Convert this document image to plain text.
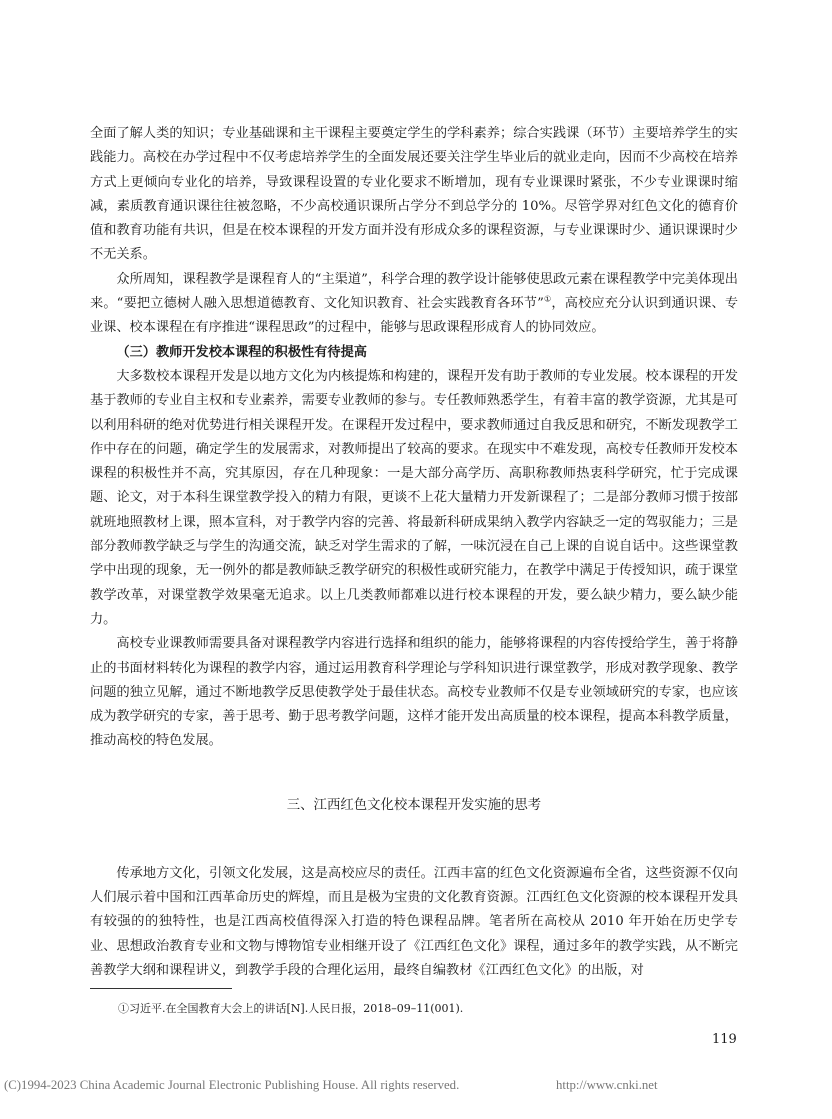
全面了解人类的知识；专业基础课和主干课程主要奠定学生的学科素养；综合实践课（环节）主要培养学生的实践能力。高校在办学过程中不仅考虑培养学生的全面发展还要关注学生毕业后的就业走向，因而不少高校在培养方式上更倾向专业化的培养，导致课程设置的专业化要求不断增加，现有专业课课时紧张，不少专业课课时缩减，素质教育通识课往往被忽略，不少高校通识课所占学分不到总学分的 10%。尽管学界对红色文化的德育价值和教育功能有共识，但是在校本课程的开发方面并没有形成众多的课程资源，与专业课课时少、通识课课时少不无关系。

众所周知，课程教学是课程育人的“主渠道”，科学合理的教学设计能够使思政元素在课程教学中完美体现出来。“要把立德树人融入思想道德教育、文化知识教育、社会实践教育各环节”①，高校应充分认识到通识课、专业课、校本课程在有序推进“课程思政”的过程中，能够与思政课程形成育人的协同效应。

（三）教师开发校本课程的积极性有待提高

大多数校本课程开发是以地方文化为内核提炼和构建的，课程开发有助于教师的专业发展。校本课程的开发基于教师的专业自主权和专业素养，需要专业教师的参与。专任教师熟悉学生，有着丰富的教学资源，尤其是可以利用科研的绝对优势进行相关课程开发。在课程开发过程中，要求教师通过自我反思和研究，不断发现教学工作中存在的问题，确定学生的发展需求，对教师提出了较高的要求。在现实中不难发现，高校专任教师开发校本课程的积极性并不高，究其原因，存在几种现象：一是大部分高学历、高职称教师热衷科学研究，忙于完成课题、论文，对于本科生课堂教学投入的精力有限，更谈不上花大量精力开发新课程了；二是部分教师习惯于按部就班地照教材上课，照本宣科，对于教学内容的完善、将最新科研成果纳入教学内容缺乏一定的驾驭能力；三是部分教师教学缺乏与学生的沟通交流，缺乏对学生需求的了解，一味沉浸在自己上课的自说自话中。这些课堂教学中出现的现象，无一例外的都是教师缺乏教学研究的积极性或研究能力，在教学中满足于传授知识，疏于课堂教学改革，对课堂教学效果毫无追求。以上几类教师都难以进行校本课程的开发，要么缺少精力，要么缺少能力。

高校专业课教师需要具备对课程教学内容进行选择和组织的能力，能够将课程的内容传授给学生，善于将静止的书面材料转化为课程的教学内容，通过运用教育科学理论与学科知识进行课堂教学，形成对教学现象、教学问题的独立见解，通过不断地教学反思使教学处于最佳状态。高校专业教师不仅是专业领域研究的专家，也应该成为教学研究的专家，善于思考、勤于思考教学问题，这样才能开发出高质量的校本课程，提高本科教学质量，推动高校的特色发展。

三、江西红色文化校本课程开发实施的思考

传承地方文化，引领文化发展，这是高校应尽的责任。江西丰富的红色文化资源遍布全省，这些资源不仅向人们展示着中国和江西革命历史的辉煌，而且是极为宝贵的文化教育资源。江西红色文化资源的校本课程开发具有较强的的独特性，也是江西高校值得深入打造的特色课程品牌。笔者所在高校从 2010 年开始在历史学专业、思想政治教育专业和文物与博物馆专业相继开设了《江西红色文化》课程，通过多年的教学实践，从不断完善教学大纲和课程讲义，到教学手段的合理化运用，最终自编教材《江西红色文化》的出版，对

①习近平.在全国教育大会上的讲话[N].人民日报，2018–09–11(001).
119
(C)1994-2023 China Academic Journal Electronic Publishing House. All rights reserved.	http://www.cnki.net
